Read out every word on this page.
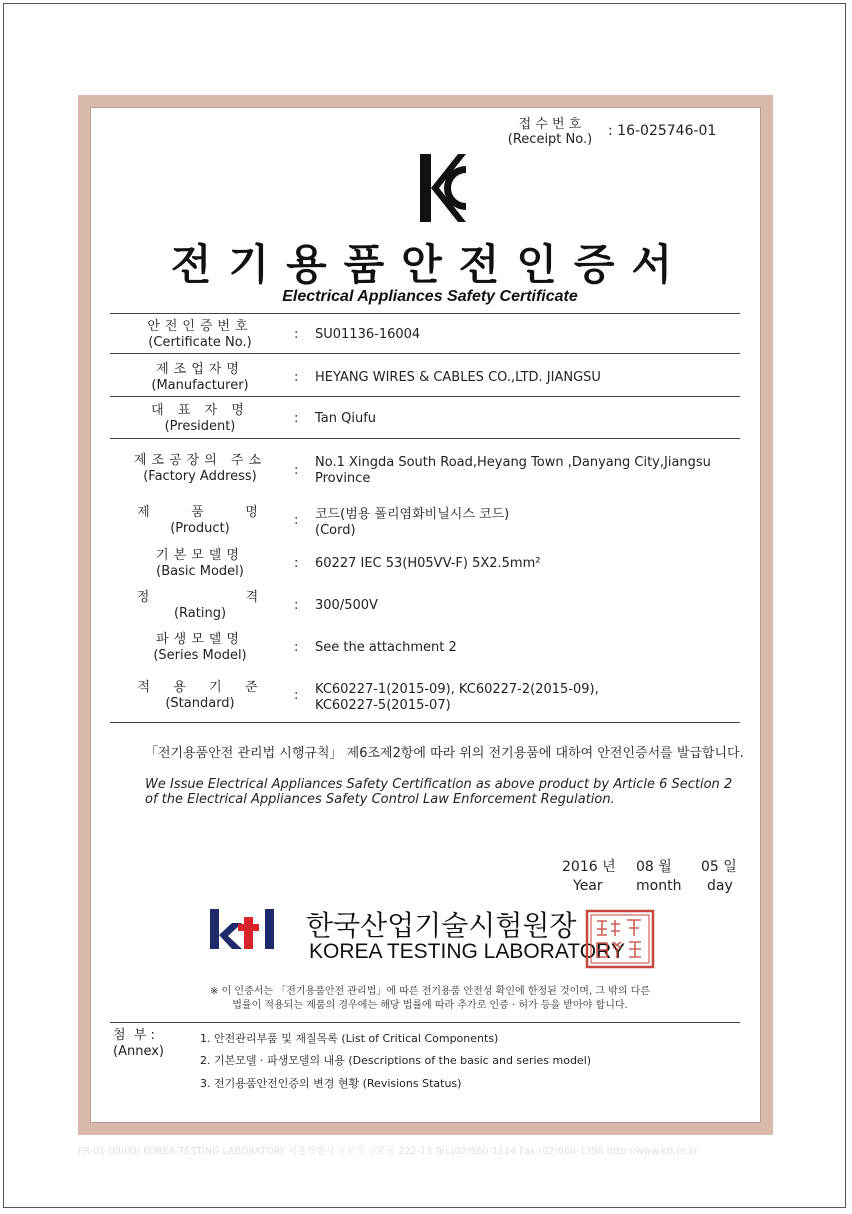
접 수 번 호
(Receipt No.)
: 16-025746-01
전기용품안전인증서
Electrical Appliances Safety Certificate
안전인증번호
(Certificate No.)
: SU01136-16004
제조업자명
(Manufacturer)
: HEYANG WIRES & CABLES CO.,LTD. JIANGSU
대 표 자 명
(President)
: Tan Qiufu
제조공장의 주소
(Factory Address)	:
No.1 Xingda South Road,Heyang Town ,Danyang City,Jiangsu
Province
제    품    명
(Product)
: 코드(범용 폴리염화비닐시스 코드)
(Cord)
기본모델명
(Basic Model)
: 60227 IEC 53(H05VV-F) 5X2.5mm²
정          격
(Rating)
: 300/500V
파생모델명
(Series Model)
: See the attachment 2
적  용  기  준
(Standard)
: KC60227-1(2015-09), KC60227-2(2015-09),
KC60227-5(2015-07)
「전기용품안전 관리법 시행규칙」 제6조제2항에 따라 위의 전기용품에 대하여 안전인증서를 발급합니다.
We Issue Electrical Appliances Safety Certification as above product by Article 6 Section 2 of the Electrical Appliances Safety Control Law Enforcement Regulation.
2016 년 08 월 05 일
Year month day
한국산업기술시험원장
KOREA TESTING LABORATORY
※ 이 인증서는 「전기용품안전 관리법」에 따른 전기용품 안전성 확인에 한정된 것이며, 그 밖의 다른
법률이 적용되는 제품의 경우에는 해당 법률에 따라 추가로 인증 · 허가 등을 받아야 합니다.
첨  부 :
(Annex)
1. 안전관리부품 및 재질목록 (List of Critical Components)
2. 기본모델 · 파생모델의 내용 (Descriptions of the basic and series model)
3. 전기용품안전인증의 변경 현황 (Revisions Status)
FR-01-00(00) KOREA TESTING LABORATORY 서울특별시 구로구 구로동 222-13 Tel:(02)860-1114 Fax:(02)860-1398 http://www.ktl.re.kr
